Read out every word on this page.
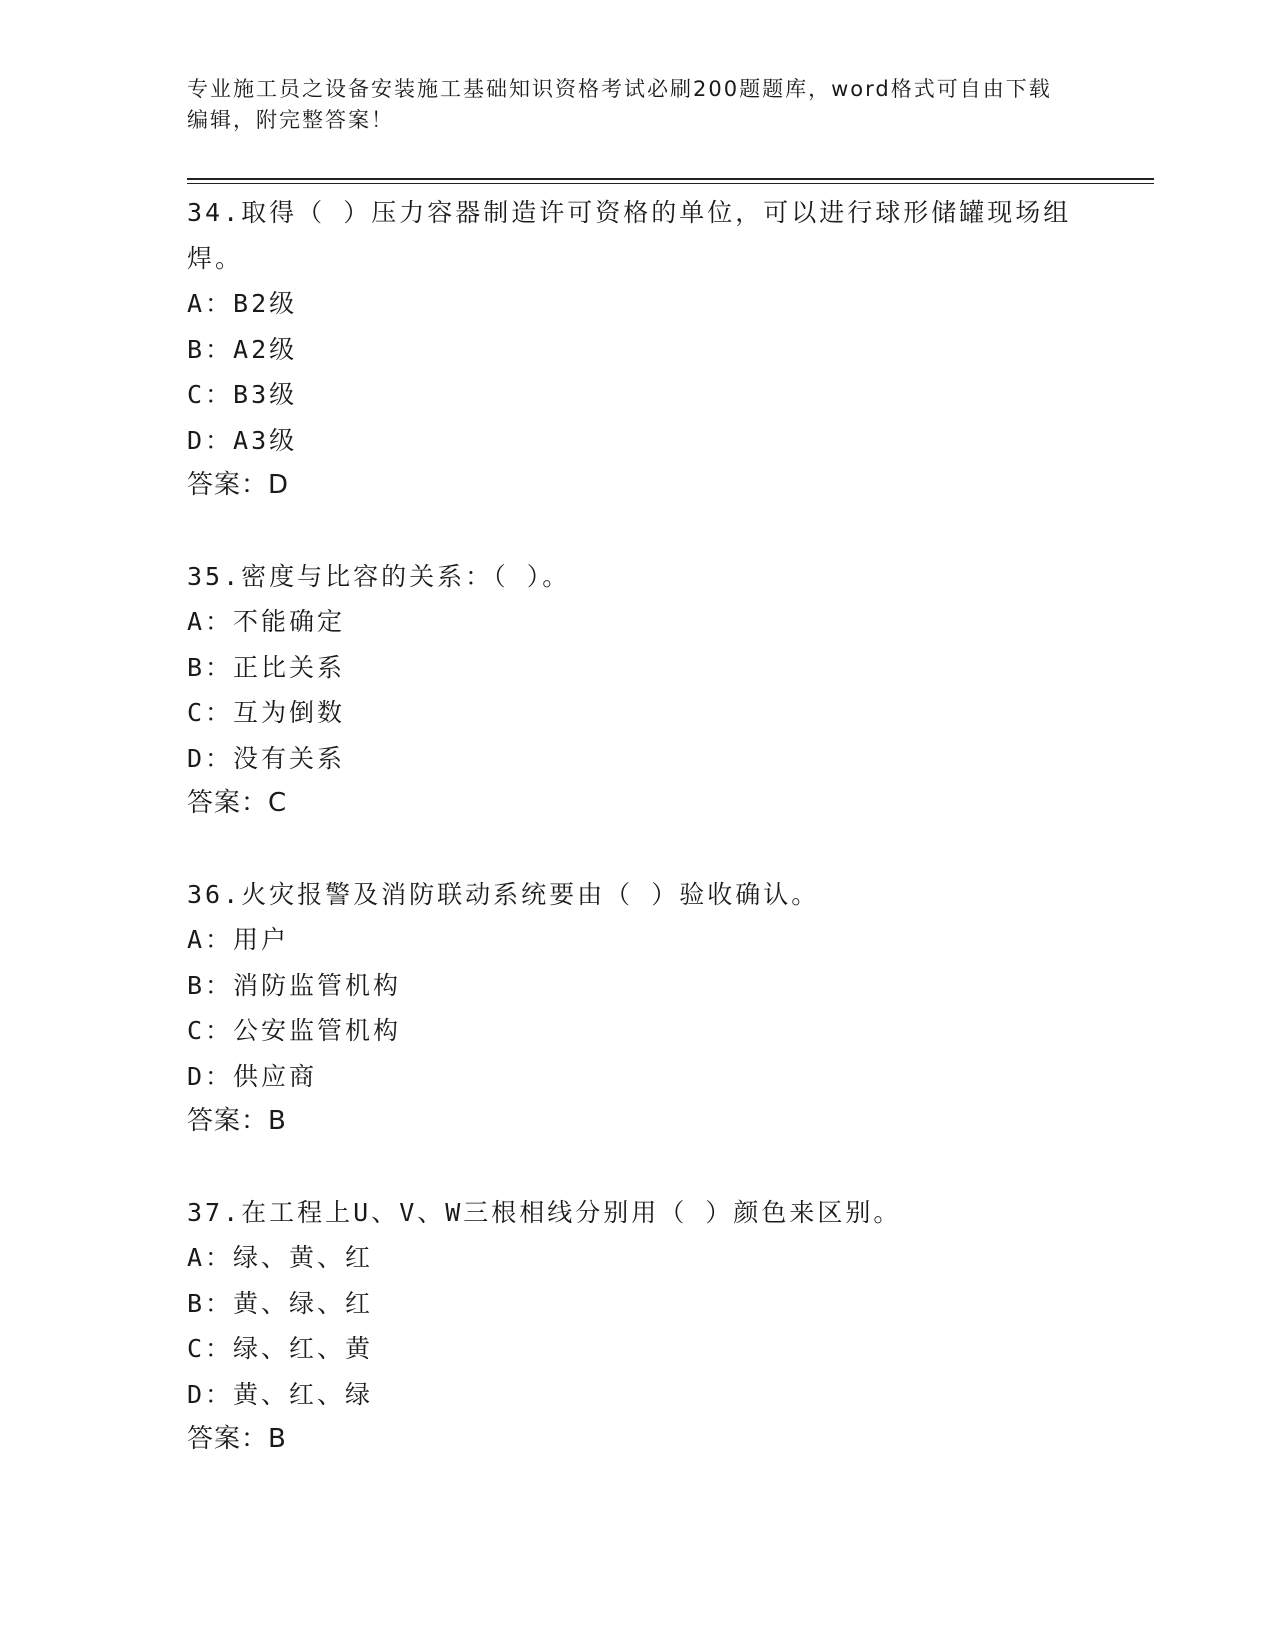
专业施工员之设备安装施工基础知识资格考试必刷200题题库，word格式可自由下载编辑，附完整答案！

34.取得（ ）压力容器制造许可资格的单位，可以进行球形储罐现场组焊。

A：B2级

B：A2级

C：B3级

D：A3级

答案：D

35.密度与比容的关系：（ ）。

A：不能确定

B：正比关系

C：互为倒数

D：没有关系

答案：C

36.火灾报警及消防联动系统要由（ ）验收确认。

A：用户

B：消防监管机构

C：公安监管机构

D：供应商

答案：B

37.在工程上U、V、W三根相线分别用（ ）颜色来区别。

A：绿、黄、红

B：黄、绿、红

C：绿、红、黄

D：黄、红、绿

答案：B
